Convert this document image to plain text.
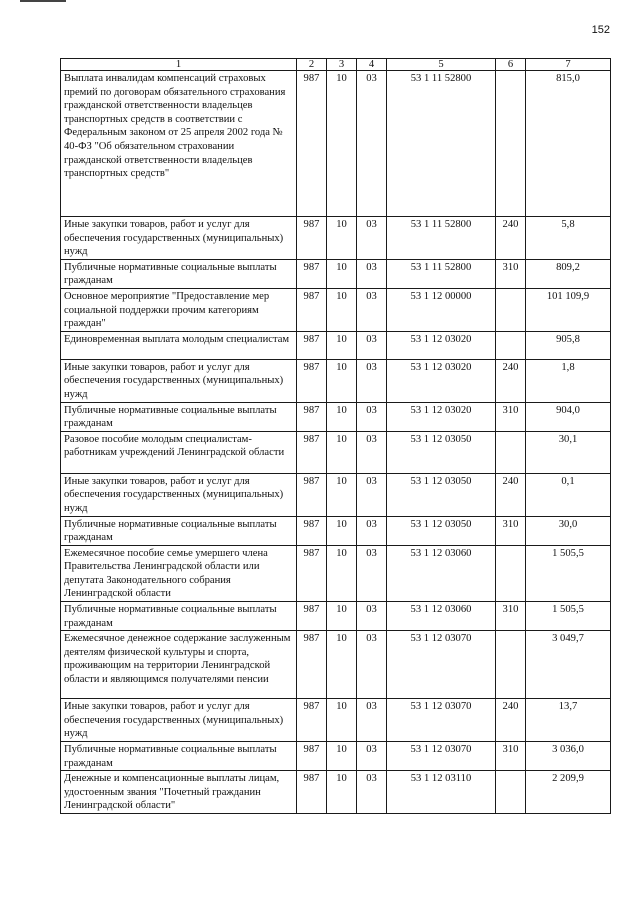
152
1	2	3	4	5	6	7
Выплата инвалидам компенсаций страховых премий по договорам обязательного страхования гражданской ответственности владельцев транспортных средств в соответствии с Федеральным законом от 25 апреля 2002 года № 40-ФЗ "Об обязательном страховании гражданской ответственности владельцев транспортных средств"	987	10	03	53 1 11 52800		815,0
Иные закупки товаров, работ и услуг для обеспечения государственных (муниципальных) нужд	987	10	03	53 1 11 52800	240	5,8
Публичные нормативные социальные выплаты гражданам	987	10	03	53 1 11 52800	310	809,2
Основное мероприятие "Предоставление мер социальной поддержки прочим категориям граждан"	987	10	03	53 1 12 00000		101 109,9
Единовременная выплата молодым специалистам	987	10	03	53 1 12 03020		905,8
Иные закупки товаров, работ и услуг для обеспечения государственных (муниципальных) нужд	987	10	03	53 1 12 03020	240	1,8
Публичные нормативные социальные выплаты гражданам	987	10	03	53 1 12 03020	310	904,0
Разовое пособие молодым специалистам-работникам учреждений Ленинградской области	987	10	03	53 1 12 03050		30,1
Иные закупки товаров, работ и услуг для обеспечения государственных (муниципальных) нужд	987	10	03	53 1 12 03050	240	0,1
Публичные нормативные социальные выплаты гражданам	987	10	03	53 1 12 03050	310	30,0
Ежемесячное пособие семье умершего члена Правительства Ленинградской области или депутата Законодательного собрания Ленинградской области	987	10	03	53 1 12 03060		1 505,5
Публичные нормативные социальные выплаты гражданам	987	10	03	53 1 12 03060	310	1 505,5
Ежемесячное денежное содержание заслуженным деятелям физической культуры и спорта, проживающим на территории Ленинградской области и являющимся получателями пенсии	987	10	03	53 1 12 03070		3 049,7
Иные закупки товаров, работ и услуг для обеспечения государственных (муниципальных) нужд	987	10	03	53 1 12 03070	240	13,7
Публичные нормативные социальные выплаты гражданам	987	10	03	53 1 12 03070	310	3 036,0
Денежные и компенсационные выплаты лицам, удостоенным звания "Почетный гражданин Ленинградской области"	987	10	03	53 1 12 03110		2 209,9
